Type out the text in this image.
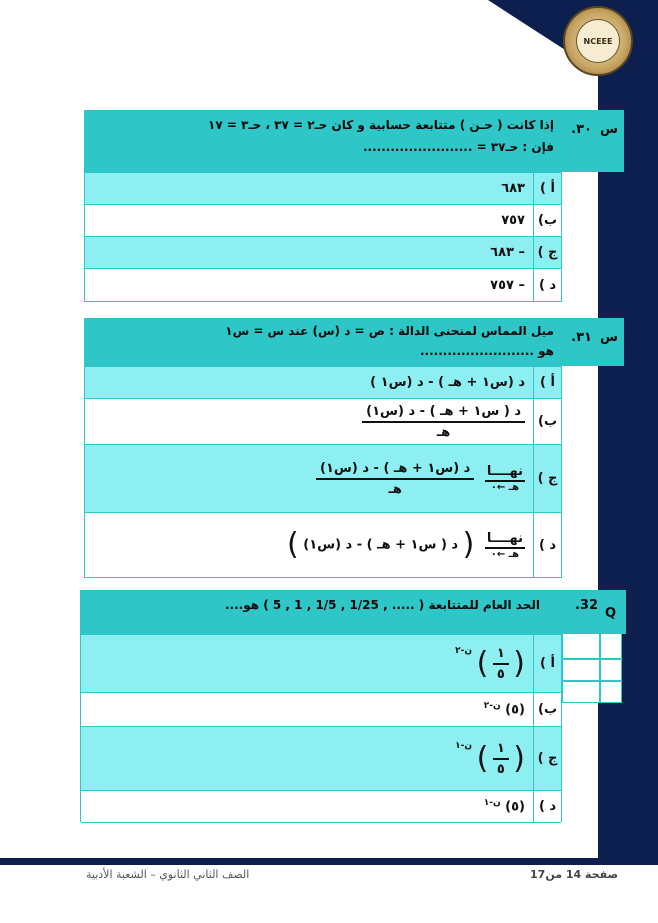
NCEEE
س
٣٠.
إذا كانت ( حـن ) متتابعة حسابية و كان حـ٢ = ٣٧ ، حـ٣ = ١٧
فإن : حـ٣٧ = ........................
أ )
٦٨٣
ب)
٧٥٧
ج )
– ٦٨٣
د )
– ٧٥٧
س
٣١.
ميل المماس لمنحنى الدالة : ص = د (س) عند س = س١
هو .........................
أ )
د (س١ + هـ ) - د (س١ )
ب)
$\frac{\text{د ( س١ + هـ ) - د (س١)}}{\text{هـ}}$
ج )
نهــــا
هـ ←٠

$\frac{\text{د (س١ + هـ ) - د (س١)}}{\text{هـ}}$
د )
نهــــا
هـ ←٠
( د ( س١ + هـ ) - د (س١) )
Q
32.
الحد العام للمتتابعة ( ..... , 1/25 , 1/5 , 1 , 5 ) هو....
أ )
(
$\frac{١}{٥}$
) $^{ن-٢}$
ب)
(٥) $^{ن-٢}$
ج )
(
$\frac{١}{٥}$
) $^{ن-١}$
د )
(٥) $^{ن-١}$
صفحة 14 من17
الصف الثاني الثانوي – الشعبة الأدبية
